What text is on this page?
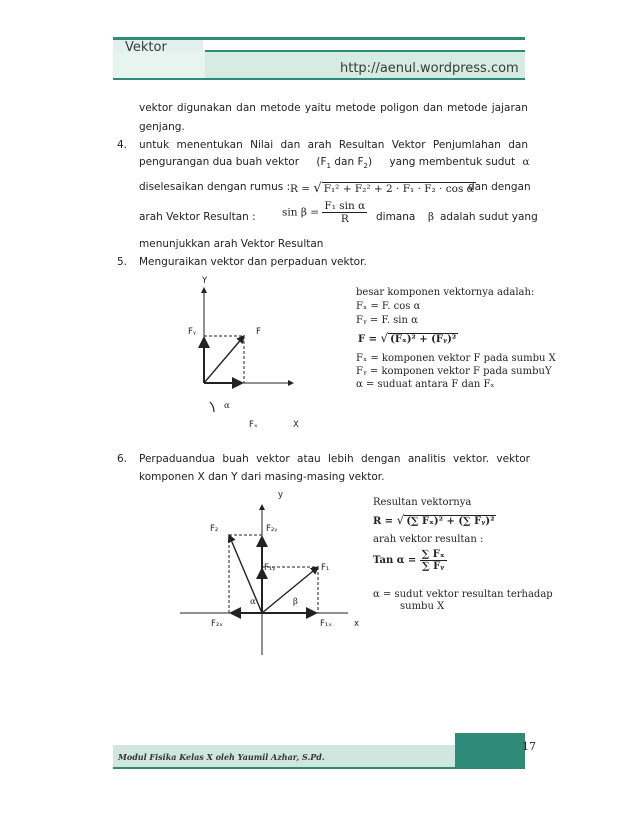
Vektor
http://aenul.wordpress.com
vektor digunakan dan metode yaitu metode poligon dan metode jajaran
genjang.
4. untuk menentukan Nilai dan arah Resultan Vektor Penjumlahan dan
pengurangan dua buah vektor ($F_1$ dan $F_2$) yang membentuk sudut α
diselesaikan dengan rumus : R = √ F₁² + F₂² + 2 · F₁ · F₂ · cos α
dan dengan
arah Vektor Resultan :	$\sin \beta = \frac{\text{F₁ sin α}}{R}$ dimana β adalah sudut yang
menunjukkan arah Vektor Resultan
5. Menguraikan vektor dan perpaduan vektor.
Y
Fᵧ	F
α
Fₓ	X
besar komponen vektornya adalah:
Fₓ = F. cos α
Fᵧ = F. sin α
F = √ (Fₓ)² + (Fᵧ)²
Fₓ = komponen vektor F pada sumbu X
Fᵧ = komponen vektor F pada sumbuY
α = suduat antara F dan Fₓ
6. Perpaduan dua buah vektor atau lebih dengan analitis vektor. vektor
komponen X dan Y dari masing-masing vektor.
y
F₂	F₂ᵧ
F₁ᵧ	F₁
α	β
F₂ₓ	F₁ₓ	x
Resultan vektornya
R = √ (∑ Fₓ)² + (∑ Fᵧ)²
arah vektor resultan :
Tan $\alpha = \frac{\text{∑ Fₓ}}{\text{∑ Fᵧ}}$
α = sudut vektor resultan terhadap
sumbu X
Modul Fisika Kelas X oleh Yaumil Azhar, S.Pd.
17
